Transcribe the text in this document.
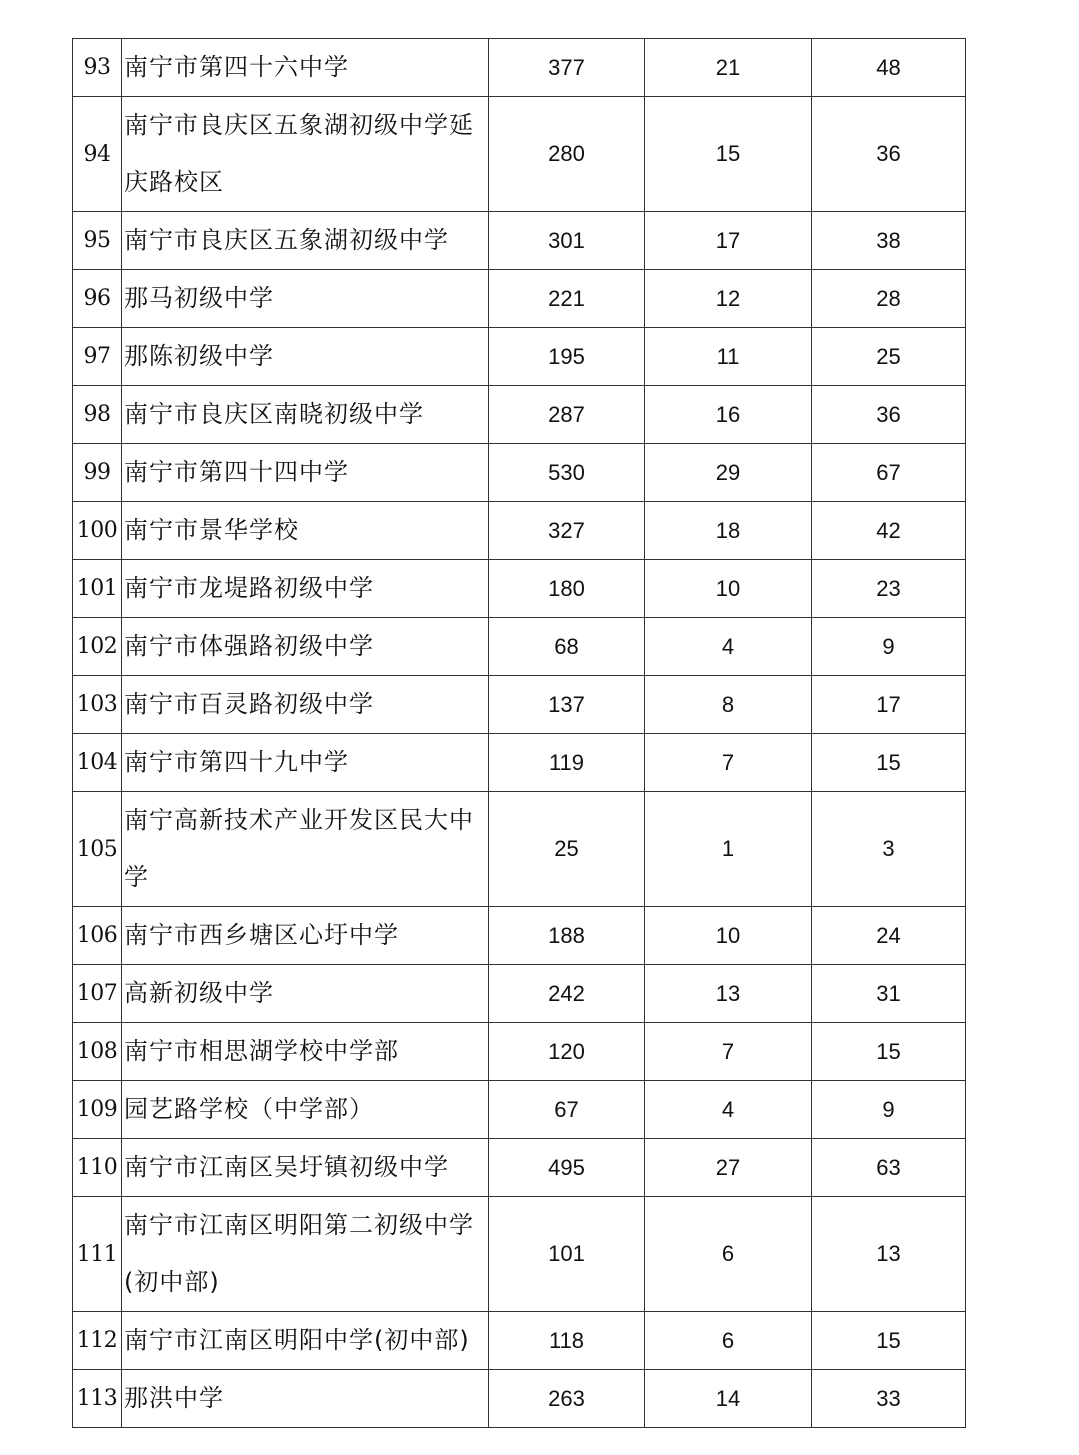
93	南宁市第四十六中学	377	21	48
94	南宁市良庆区五象湖初级中学延庆路校区	280	15	36
95	南宁市良庆区五象湖初级中学	301	17	38
96	那马初级中学	221	12	28
97	那陈初级中学	195	11	25
98	南宁市良庆区南晓初级中学	287	16	36
99	南宁市第四十四中学	530	29	67
100	南宁市景华学校	327	18	42
101	南宁市龙堤路初级中学	180	10	23
102	南宁市体强路初级中学	68	4	9
103	南宁市百灵路初级中学	137	8	17
104	南宁市第四十九中学	119	7	15
105	南宁高新技术产业开发区民大中学	25	1	3
106	南宁市西乡塘区心圩中学	188	10	24
107	高新初级中学	242	13	31
108	南宁市相思湖学校中学部	120	7	15
109	园艺路学校（中学部）	67	4	9
110	南宁市江南区吴圩镇初级中学	495	27	63
111	南宁市江南区明阳第二初级中学(初中部)	101	6	13
112	南宁市江南区明阳中学(初中部)	118	6	15
113	那洪中学	263	14	33
